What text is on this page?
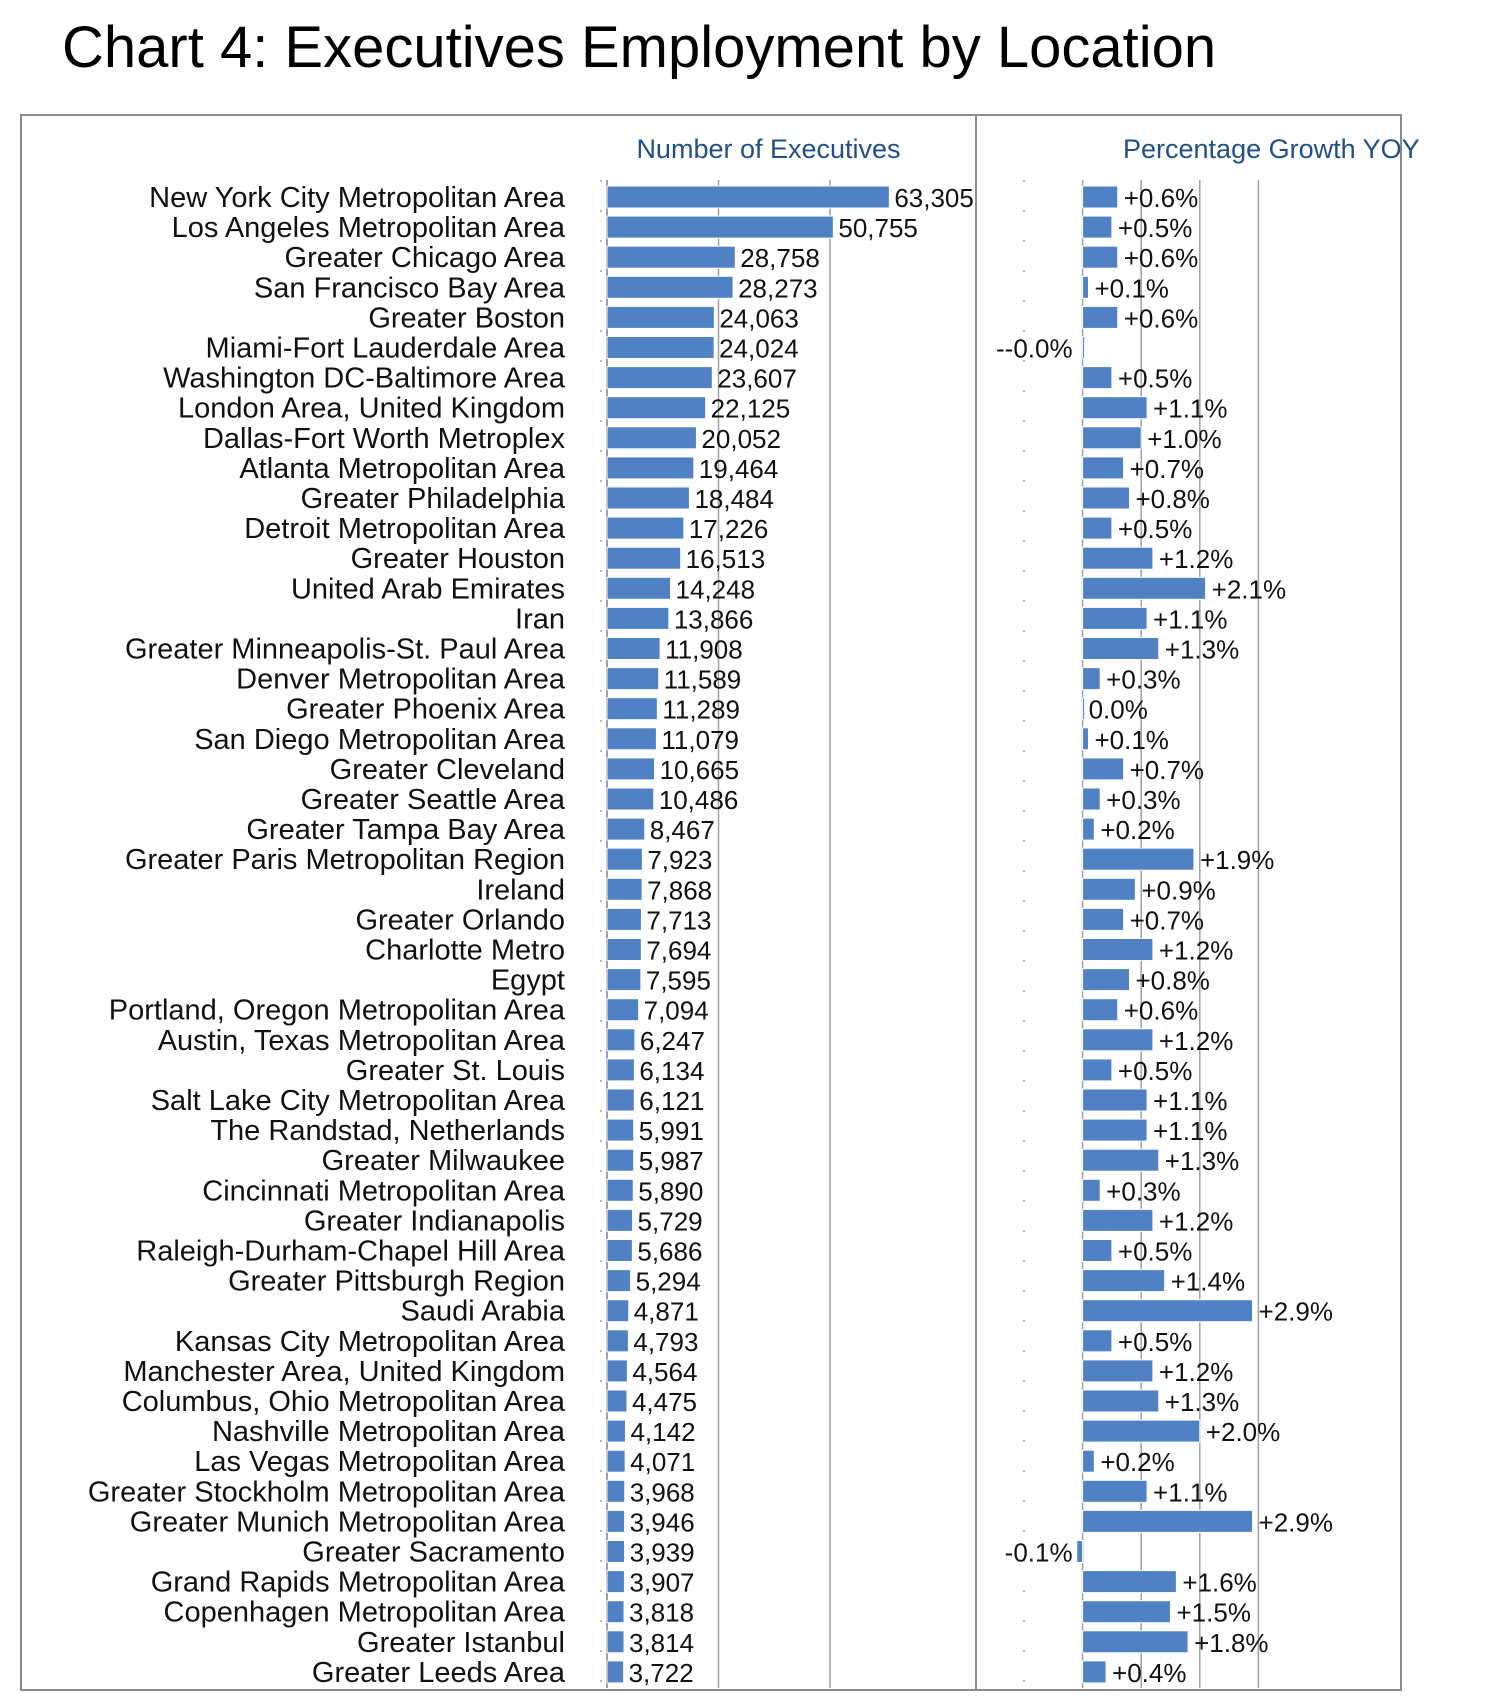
Chart 4: Executives Employment by Location
Number of Executives	Percentage Growth YOY
New York City Metropolitan Area	63,305	+0.6%
Los Angeles Metropolitan Area	50,755	+0.5%
Greater Chicago Area	28,758	+0.6%
San Francisco Bay Area	28,273	+0.1%
Greater Boston	24,063	+0.6%
Miami-Fort Lauderdale Area	24,024	--0.0%
Washington DC-Baltimore Area	23,607	+0.5%
London Area, United Kingdom	22,125	+1.1%
Dallas-Fort Worth Metroplex	20,052	+1.0%
Atlanta Metropolitan Area	19,464	+0.7%
Greater Philadelphia	18,484	+0.8%
Detroit Metropolitan Area	17,226	+0.5%
Greater Houston	16,513	+1.2%
United Arab Emirates	14,248	+2.1%
Iran	13,866	+1.1%
Greater Minneapolis-St. Paul Area	11,908	+1.3%
Denver Metropolitan Area	11,589	+0.3%
Greater Phoenix Area	11,289	0.0%
San Diego Metropolitan Area	11,079	+0.1%
Greater Cleveland	10,665	+0.7%
Greater Seattle Area	10,486	+0.3%
Greater Tampa Bay Area	8,467	+0.2%
Greater Paris Metropolitan Region	7,923	+1.9%
Ireland	7,868	+0.9%
Greater Orlando	7,713	+0.7%
Charlotte Metro	7,694	+1.2%
Egypt	7,595	+0.8%
Portland, Oregon Metropolitan Area	7,094	+0.6%
Austin, Texas Metropolitan Area	6,247	+1.2%
Greater St. Louis	6,134	+0.5%
Salt Lake City Metropolitan Area	6,121	+1.1%
The Randstad, Netherlands	5,991	+1.1%
Greater Milwaukee	5,987	+1.3%
Cincinnati Metropolitan Area	5,890	+0.3%
Greater Indianapolis	5,729	+1.2%
Raleigh-Durham-Chapel Hill Area	5,686	+0.5%
Greater Pittsburgh Region	5,294	+1.4%
Saudi Arabia	4,871	+2.9%
Kansas City Metropolitan Area	4,793	+0.5%
Manchester Area, United Kingdom	4,564	+1.2%
Columbus, Ohio Metropolitan Area	4,475	+1.3%
Nashville Metropolitan Area	4,142	+2.0%
Las Vegas Metropolitan Area	4,071	+0.2%
Greater Stockholm Metropolitan Area 3,968	+1.1%
Greater Munich Metropolitan Area 3,946	+2.9%
Greater Sacramento 3,939	-0.1%
Grand Rapids Metropolitan Area 3,907	+1.6%
Copenhagen Metropolitan Area 3,818	+1.5%
Greater Istanbul 3,814	+1.8%
Greater Leeds Area 3,722	+0.4%
